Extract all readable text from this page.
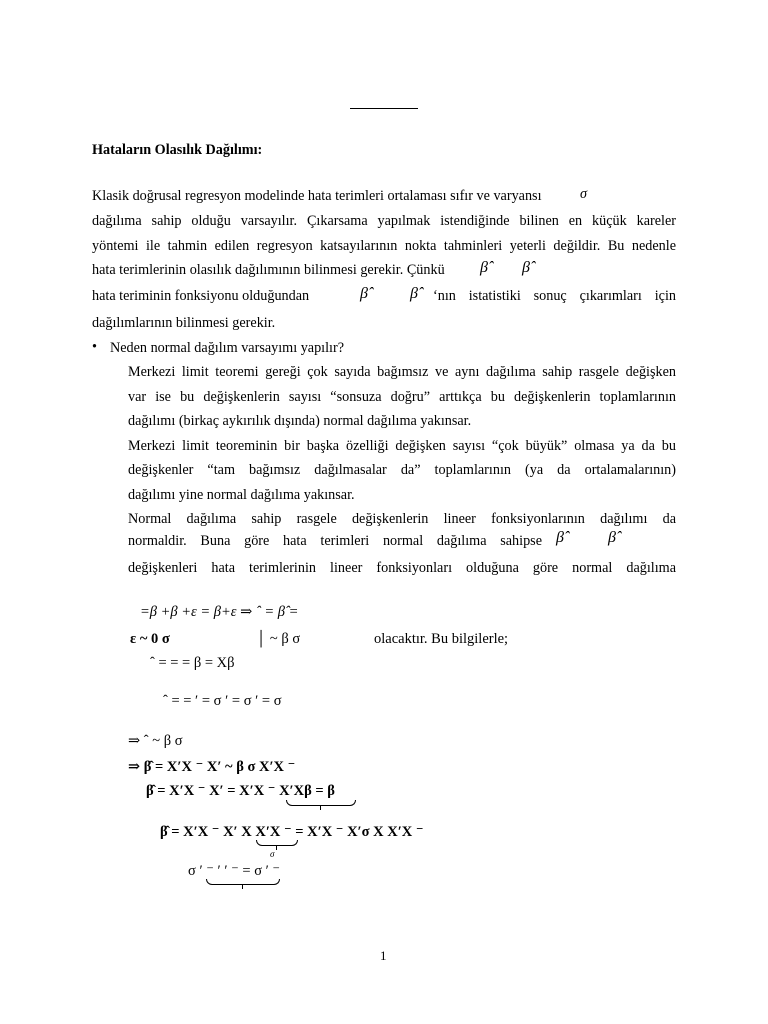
Hataların Olasılık Dağılımı:
Klasik doğrusal regresyon modelinde hata terimleri ortalaması sıfır ve varyansı	σ
dağılıma sahip olduğu varsayılır. Çıkarsama yapılmak istendiğinde bilinen en küçük kareler
yöntemi ile tahmin edilen regresyon katsayılarının nokta tahminleri yeterli değildir. Bu nedenle
hata terimlerinin olasılık dağılımının bilinmesi gerekir. Çünkü β̂ β̂
hata teriminin fonksiyonu olduğundan	β̂	β̂ ‘nın istatistiki sonuç çıkarımları için
dağılımlarının bilinmesi gerekir.
• Neden normal dağılım varsayımı yapılır?
Merkezi limit teoremi gereği çok sayıda bağımsız ve aynı dağılıma sahip rasgele değişken
var ise bu değişkenlerin sayısı “sonsuza doğru” arttıkça bu değişkenlerin toplamlarının
dağılımı (birkaç aykırılık dışında) normal dağılıma yakınsar.
Merkezi limit teoreminin bir başka özelliği değişken sayısı “çok büyük” olmasa ya da bu
değişkenler “tam bağımsız dağılmasalar da” toplamlarının (ya da ortalamalarının)
dağılımı yine normal dağılıma yakınsar.
Normal dağılıma sahip rasgele değişkenlerin lineer fonksiyonlarının dağılımı da
normaldir. Buna göre hata terimleri normal dağılıma sahipse β̂	β̂
değişkenleri hata terimlerinin lineer fonksiyonları olduğuna göre normal dağılıma
=β +β +ε = β+ε ⇒ ˆ = β̂ =
ε ~ 0 σ	│ ~ β σ	olacaktır. Bu bilgilerle;
ˆ = = = β = Xβ
ˆ = = ′ = σ ′ = σ ′ = σ
⇒ ˆ ~ β σ
⇒ β̂ = X′X ⁻ X′ ~ β σ X′X ⁻
β̂ = X′X ⁻ X′ = X′X ⁻ X′Xβ = β
β̂ = X′X ⁻ X′ X X′X ⁻ = X′X ⁻ X′σ X X′X ⁻
σ
σ ′ ⁻ ′ ′ ⁻ = σ ′ ⁻
1
